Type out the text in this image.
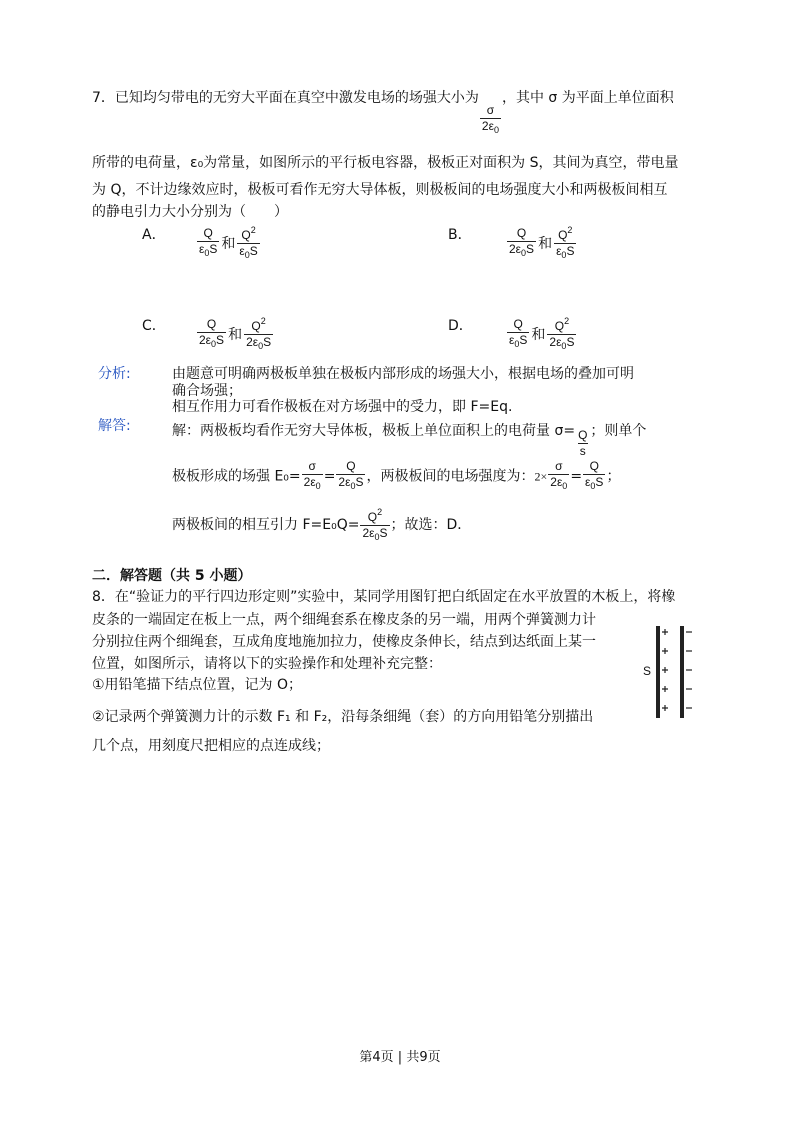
7．已知均匀带电的无穷大平面在真空中激发电场的场强大小为
$\frac{\sigma}{2\varepsilon_0}$
，其中 σ 为平面上单位面积
所带的电荷量，ε₀为常量，如图所示的平行板电容器，极板正对面积为 S，其间为真空，带电量
为 Q，不计边缘效应时，极板可看作无穷大导体板，则极板间的电场强度大小和两极板间相互
的静电引力大小分别为（　　）
A．	$\frac{Q}{\varepsilon_0S}$ 和 $\frac{Q^2}{\varepsilon_0S}$	B．	$\frac{Q}{2\varepsilon_0S}$ 和 $\frac{Q^2}{\varepsilon_0S}$
C．	$\frac{Q}{2\varepsilon_0S}$ 和 $\frac{Q^2}{2\varepsilon_0S}$	D．	$\frac{Q}{\varepsilon_0S}$ 和 $\frac{Q^2}{2\varepsilon_0S}$
分析:	由题意可明确两极板单独在极板内部形成的场强大小，根据电场的叠加可明
确合场强；
相互作用力可看作极板在对方场强中的受力，即 F=Eq.
解答:	解：两极板均看作无穷大导体板，极板上单位面积上的电荷量 $\sigma= \frac{Q}{s}$ ；则单个
极板形成的场强 $E_0= \frac{\sigma}{2\varepsilon_0} = \frac{Q}{2\varepsilon_0S}$ ，两极板间的电场强度为：$2\times \frac{\sigma}{2\varepsilon_0} = \frac{Q}{\varepsilon_0S}$ ；
两极板间的相互引力 $F=E_0Q= \frac{Q^2}{2\varepsilon_0S}$ ；故选：D．
二．解答题（共 5 小题）
8．在“验证力的平行四边形定则”实验中，某同学用图钉把白纸固定在水平放置的木板上，将橡
皮条的一端固定在板上一点，两个细绳套系在橡皮条的另一端，用两个弹簧测力计
分别拉住两个细绳套，互成角度地施加拉力，使橡皮条伸长，结点到达纸面上某一
位置，如图所示，请将以下的实验操作和处理补充完整：
①用铅笔描下结点位置，记为 O；
②记录两个弹簧测力计的示数 F₁ 和 F₂，沿每条细绳（套）的方向用铅笔分别描出
几个点，用刻度尺把相应的点连成线；
S
第4页 | 共9页
